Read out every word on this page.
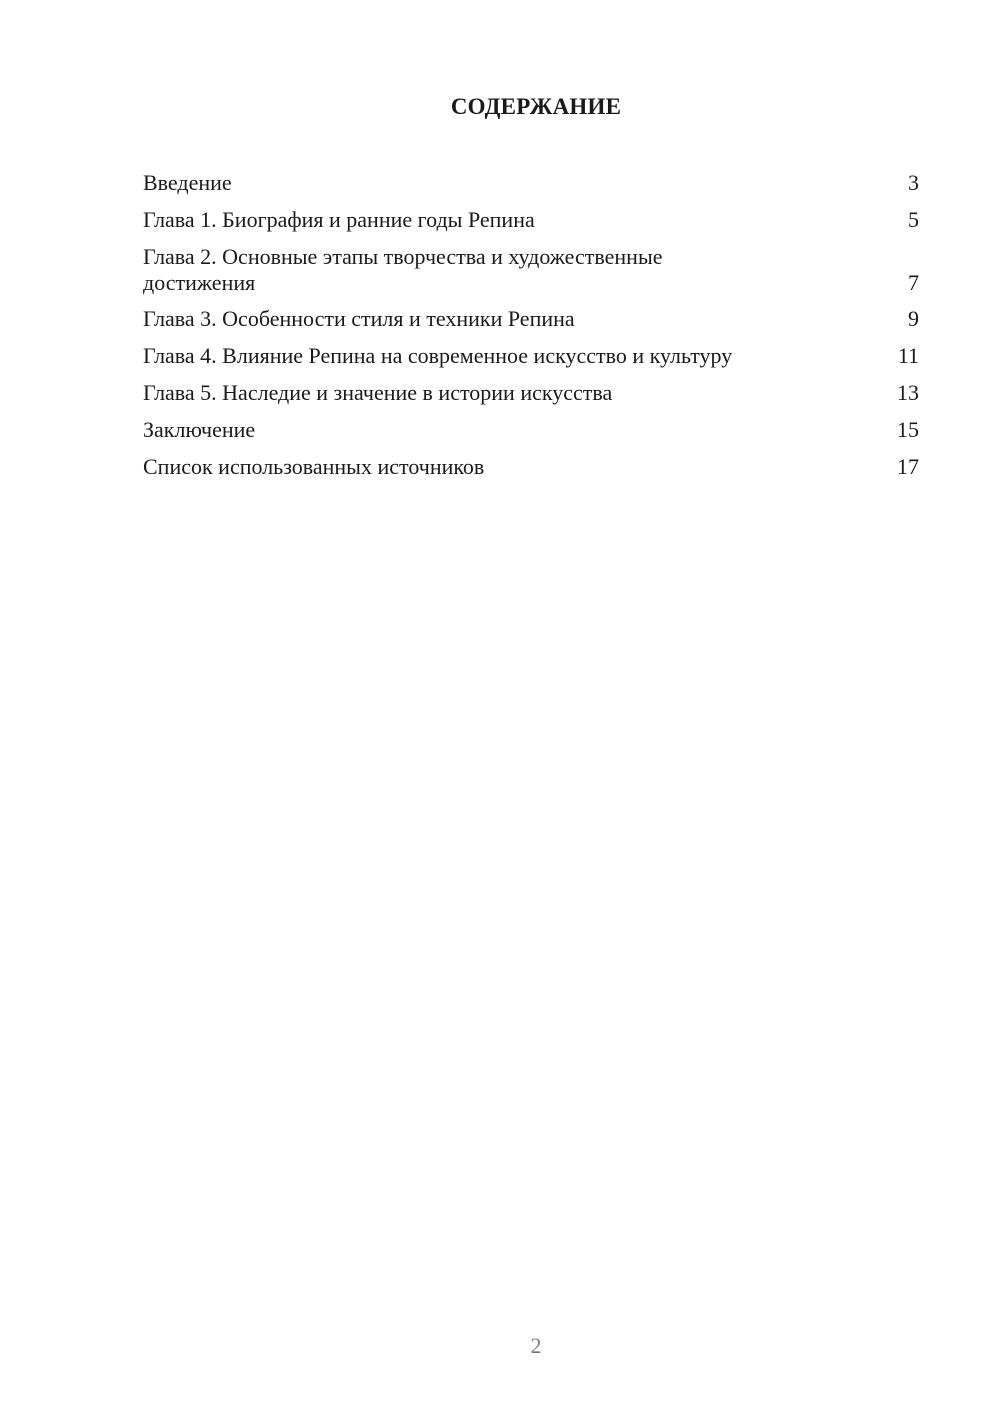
СОДЕРЖАНИЕ
Введение	3
Глава 1. Биография и ранние годы Репина	5
Глава 2. Основные этапы творчества и художественные достижения	7
Глава 3. Особенности стиля и техники Репина	9
Глава 4. Влияние Репина на современное искусство и культуру	11
Глава 5. Наследие и значение в истории искусства	13
Заключение	15
Список использованных источников	17
2
